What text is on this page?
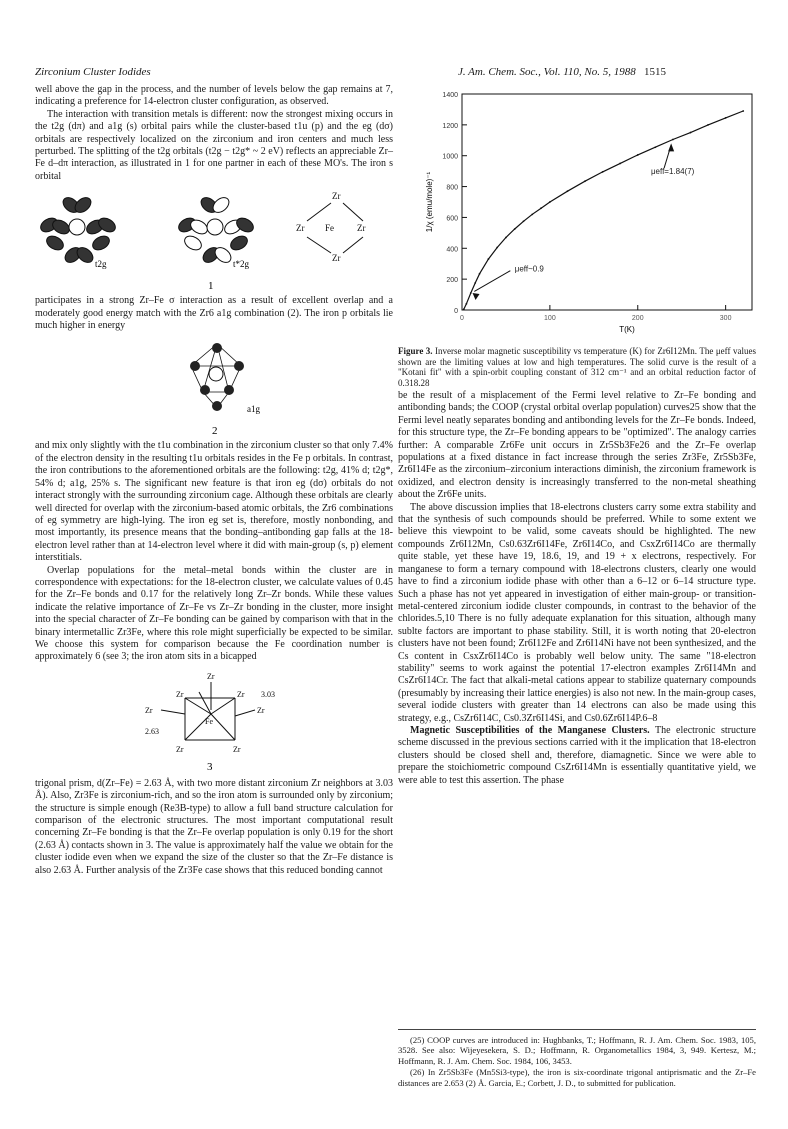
Zirconium Cluster Iodides	J. Am. Chem. Soc., Vol. 110, No. 5, 1988 1515

well above the gap in the process, and the number of levels below the gap remains at 7, indicating a preference for 14-electron cluster configuration, as observed.

The interaction with transition metals is different: now the strongest mixing occurs in the t2g (dπ) and a1g (s) orbital pairs while the cluster-based t1u (p) and the eg (dσ) orbitals are respectively localized on the zirconium and iron centers and much less perturbed. The splitting of the t2g orbitals (t2g − t2g* ~ 2 eV) reflects an appreciable Zr–Fe d–dπ interaction, as illustrated in 1 for one partner in each of these MO's. The iron s orbital

t2g	t*2g
Zr
Zr Fe	Zr
Zr
1

participates in a strong Zr–Fe σ interaction as a result of excellent overlap and a moderately good energy match with the Zr6 a1g combination (2). The iron p orbitals lie much higher in energy

a1g
2

and mix only slightly with the t1u combination in the zirconium cluster so that only 7.4% of the electron density in the resulting t1u orbitals resides in the Fe p orbitals. In contrast, the iron contributions to the aforementioned orbitals are the following: t2g, 41% d; t2g*, 54% d; a1g, 25% s. The significant new feature is that iron eg (dσ) orbitals do not interact strongly with the surrounding zirconium cage. Although these orbitals are clearly well directed for overlap with the zirconium-based atomic orbitals, the Zr6 combinations of eg symmetry are high-lying. The iron eg set is, therefore, mostly nonbonding, and most importantly, its presence means that the bonding–antibonding gap falls at the 18-electron level rather than at 14-electron level where it did with main-group (s, p) element interstitials.

Overlap populations for the metal–metal bonds within the cluster are in correspondence with expectations: for the 18-electron cluster, we calculate values of 0.45 for the Zr–Fe bonds and 0.17 for the relatively long Zr–Zr bonds. While these values indicate the relative importance of Zr–Fe vs Zr–Zr bonding in the cluster, more insight into the special character of Zr–Fe bonding can be gained by comparison with that in the binary intermetallic Zr3Fe, where this role might superficially be expected to be similar. We choose this system for comparison because the Fe coordination number is approximately 6 (see 3; the iron atom sits in a bicapped

Zr
Zr	Zr
Zr	Zr
Fe
Zr	Zr
3.03
2.63
3

trigonal prism, d(Zr–Fe) = 2.63 Å, with two more distant zirconium Zr neighbors at 3.03 Å). Also, Zr3Fe is zirconium-rich, and so the iron atom is surrounded only by zirconium; the structure is simple enough (Re3B-type) to allow a full band structure calculation for comparison of the electronic structures. The most important computational result concerning Zr–Fe bonding is that the Zr–Fe overlap population is only 0.19 for the short (2.63 Å) contacts shown in 3. The value is approximately half the value we obtain for the cluster iodide even when we expand the size of the cluster so that the Zr–Fe distance is also 2.63 Å. Further analysis of the Zr3Fe case shows that this reduced bonding cannot

0
200
400
600
800
1000
1200
1400
0	100	200	300
T(K)
1/χ (emu/mole)⁻¹
μeff=1.84(7)
μeff~0.9
Figure 3. Inverse molar magnetic susceptibility vs temperature (K) for Zr6I12Mn. The μeff values shown are the limiting values at low and high temperatures. The solid curve is the result of a "Kotani fit" with a spin-orbit coupling constant of 312 cm⁻¹ and an orbital reduction factor of 0.318.28

be the result of a misplacement of the Fermi level relative to Zr–Fe bonding and antibonding bands; the COOP (crystal orbital overlap population) curves25 show that the Fermi level neatly separates bonding and antibonding levels for the Zr–Fe bonds. Indeed, for this structure type, the Zr–Fe bonding appears to be "optimized". The analogy carries further: A comparable Zr6Fe unit occurs in Zr5Sb3Fe26 and the Zr–Fe overlap populations at a fixed distance in fact increase through the series Zr3Fe, Zr5Sb3Fe, Zr6I14Fe as the zirconium–zirconium interactions diminish, the zirconium framework is oxidized, and electron density is increasingly transferred to the non-metal sheathing about the Zr6Fe units.

The above discussion implies that 18-electrons clusters carry some extra stability and that the synthesis of such compounds should be preferred. While to some extent we believe this viewpoint to be valid, some caveats should be highlighted. The new compounds Zr6I12Mn, Cs0.63Zr6I14Fe, Zr6I14Co, and CsxZr6I14Co are thermally quite stable, yet these have 19, 18.6, 19, and 19 + x electrons, respectively. For manganese to form a ternary compound with 18-electrons clusters, clearly one would have to find a zirconium iodide phase with other than a 6–12 or 6–14 structure type. Such a phase has not yet appeared in investigation of either main-group- or transition-metal-centered zirconium iodide cluster compounds, in contrast to the behavior of the chlorides.5,10 There is no fully adequate explanation for this situation, although many sublte factors are important to phase stability. Still, it is worth noting that 20-electron clusters have not been found; Zr6I12Fe and Zr6I14Ni have not been synthesized, and the Cs content in CsxZr6I14Co is probably well below unity. The same "18-electron stability" seems to work against the potential 17-electron examples Zr6I14Mn and CsZr6I14Cr. The fact that alkali-metal cations appear to stabilize quaternary compounds (presumably by increasing their lattice energies) is also not new. In the main-group cases, several iodide clusters with greater than 14 electrons can also be made using this strategy, e.g., CsZr6I14C, Cs0.3Zr6I14Si, and Cs0.6Zr6I14P.6–8

Magnetic Susceptibilities of the Manganese Clusters. The electronic structure scheme discussed in the previous sections carried with it the implication that 18-electron clusters should be closed shell and, therefore, diamagnetic. Since we were able to prepare the stoichiometric compound CsZr6I14Mn is essentially quantitative yield, we were able to test this assertion. The phase

(25) COOP curves are introduced in: Hughbanks, T.; Hoffmann, R. J. Am. Chem. Soc. 1983, 105, 3528. See also: Wijeyesekera, S. D.; Hoffmann, R. Organometallics 1984, 3, 949. Kertesz, M.; Hoffmann, R. J. Am. Chem. Soc. 1984, 106, 3453.

(26) In Zr5Sb3Fe (Mn5Si3-type), the iron is six-coordinate trigonal antiprismatic and the Zr–Fe distances are 2.653 (2) Å. Garcia, E.; Corbett, J. D., to submitted for publication.
